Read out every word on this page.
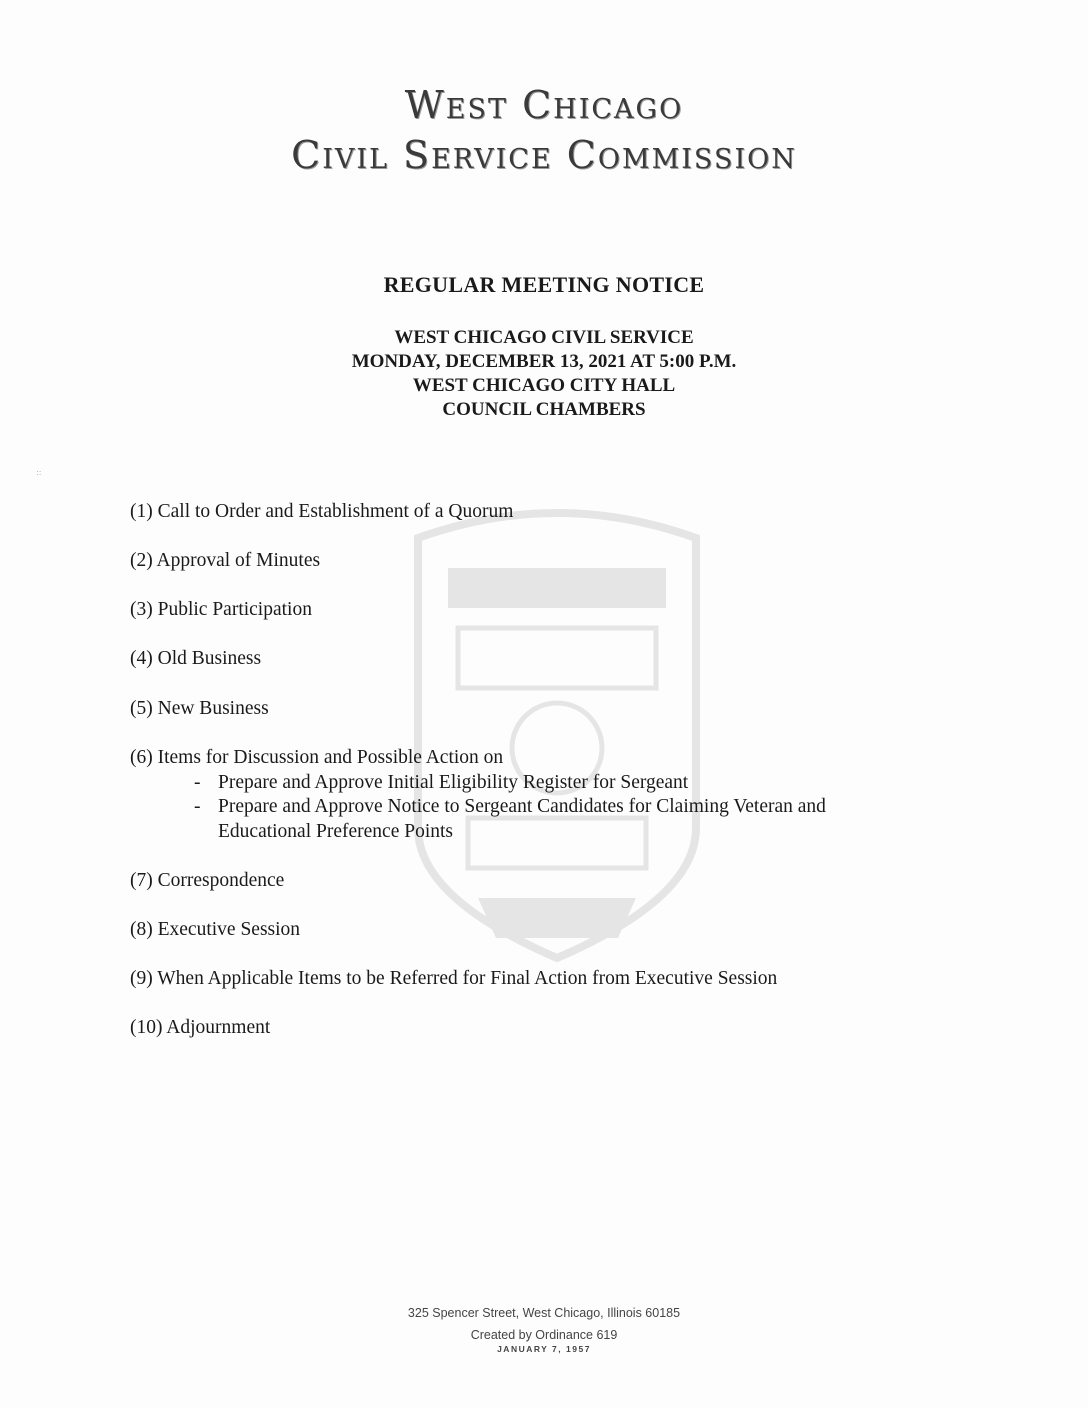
West Chicago
Civil Service Commission
REGULAR MEETING NOTICE
WEST CHICAGO CIVIL SERVICE
MONDAY, DECEMBER 13, 2021 AT 5:00 P.M.
WEST CHICAGO CITY HALL
COUNCIL CHAMBERS
::
(1) Call to Order and Establishment of a Quorum
(2) Approval of Minutes
(3) Public Participation
(4) Old Business
(5) New Business
(6) Items for Discussion and Possible Action on
- Prepare and Approve Initial Eligibility Register for Sergeant
- Prepare and Approve Notice to Sergeant Candidates for Claiming Veteran and
Educational Preference Points
(7) Correspondence
(8) Executive Session
(9) When Applicable Items to be Referred for Final Action from Executive Session
(10) Adjournment
325 Spencer Street, West Chicago, Illinois 60185
Created by Ordinance 619
JANUARY 7, 1957
